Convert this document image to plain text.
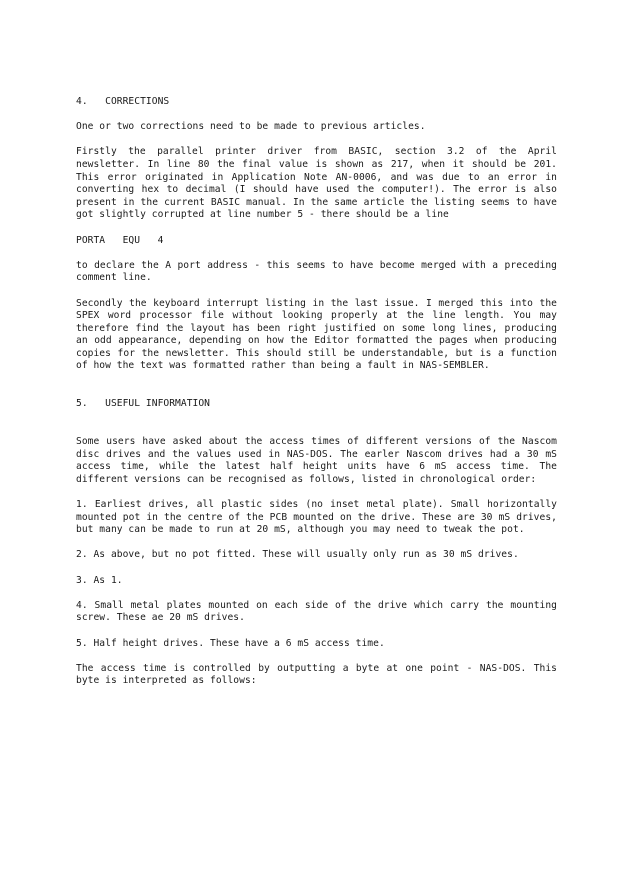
4.   CORRECTIONS
One or two corrections need to be made to previous articles.
Firstly the parallel printer driver from BASIC, section 3.2 of the April newsletter. In line 80 the final value is shown as 217, when it should be 201. This error originated in Application Note AN-0006, and was due to an error in converting hex to decimal (I should have used the computer!). The error is also present in the current BASIC manual. In the same article the listing seems to have got slightly corrupted at line number 5 - there should be a line
PORTA   EQU   4
to declare the A port address - this seems to have become merged with a preceding comment line.
Secondly the keyboard interrupt listing in the last issue. I merged this into the SPEX word processor file without looking properly at the line length. You may therefore find the layout has been right justified on some long lines, producing an odd appearance, depending on how the Editor formatted the pages when producing copies for the newsletter. This should still be understandable, but is a function of how the text was formatted rather than being a fault in NAS-SEMBLER.
5.   USEFUL INFORMATION
Some users have asked about the access times of different versions of the Nascom disc drives and the values used in NAS-DOS. The earler Nascom drives had a 30 mS access time, while the latest half height units have 6 mS access time. The different versions can be recognised as follows, listed in chronological order:
1. Earliest drives, all plastic sides (no inset metal plate). Small horizontally mounted pot in the centre of the PCB mounted on the drive. These are 30 mS drives, but many can be made to run at 20 mS, although you may need to tweak the pot.
2. As above, but no pot fitted. These will usually only run as 30 mS drives.
3. As 1.
4. Small metal plates mounted on each side of the drive which carry the mounting screw. These ae 20 mS drives.
5. Half height drives. These have a 6 mS access time.
The access time is controlled by outputting a byte at one point - NAS-DOS. This byte is interpreted as follows:
